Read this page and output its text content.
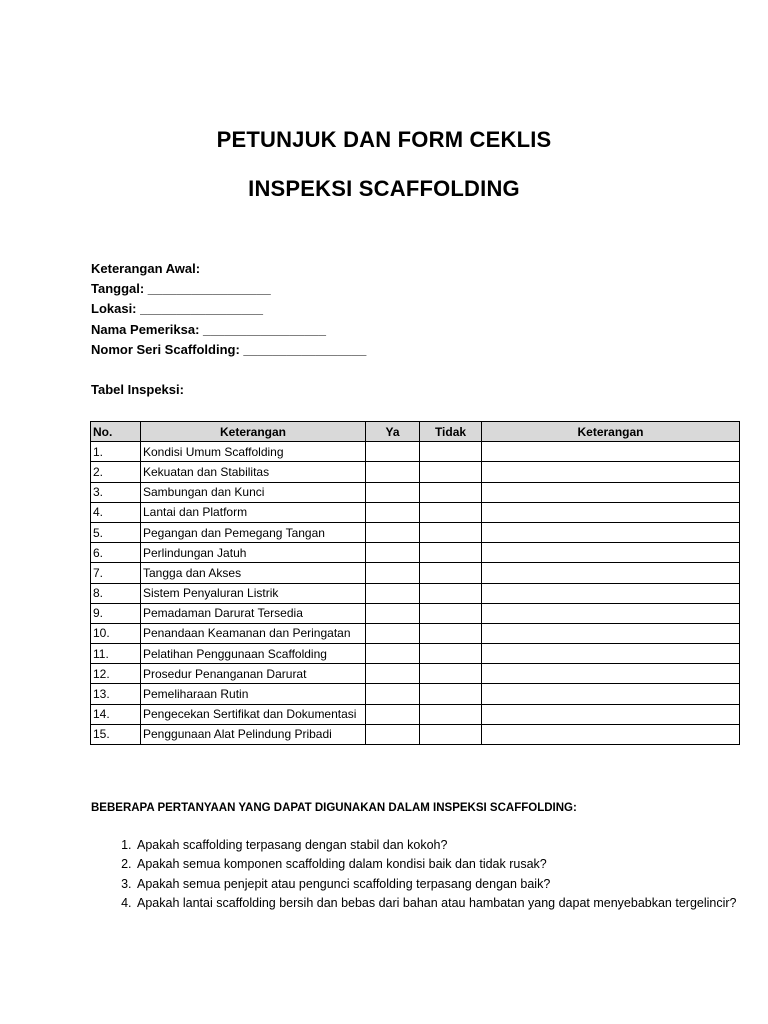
PETUNJUK DAN FORM CEKLIS
INSPEKSI SCAFFOLDING
Keterangan Awal:
Tanggal: _________________
Lokasi: _________________
Nama Pemeriksa: _________________
Nomor Seri Scaffolding: _________________
Tabel Inspeksi:
No.	Keterangan	Ya	Tidak	Keterangan
1.	Kondisi Umum Scaffolding			
2.	Kekuatan dan Stabilitas			
3.	Sambungan dan Kunci			
4.	Lantai dan Platform			
5.	Pegangan dan Pemegang Tangan			
6.	Perlindungan Jatuh			
7.	Tangga dan Akses			
8.	Sistem Penyaluran Listrik			
9.	Pemadaman Darurat Tersedia			
10.	Penandaan Keamanan dan Peringatan			
11.	Pelatihan Penggunaan Scaffolding			
12.	Prosedur Penanganan Darurat			
13.	Pemeliharaan Rutin			
14.	Pengecekan Sertifikat dan Dokumentasi			
15.	Penggunaan Alat Pelindung Pribadi			
BEBERAPA PERTANYAAN YANG DAPAT DIGUNAKAN DALAM INSPEKSI SCAFFOLDING:
1. Apakah scaffolding terpasang dengan stabil dan kokoh?
2. Apakah semua komponen scaffolding dalam kondisi baik dan tidak rusak?
3. Apakah semua penjepit atau pengunci scaffolding terpasang dengan baik?
4. Apakah lantai scaffolding bersih dan bebas dari bahan atau hambatan yang dapat menyebabkan tergelincir?
